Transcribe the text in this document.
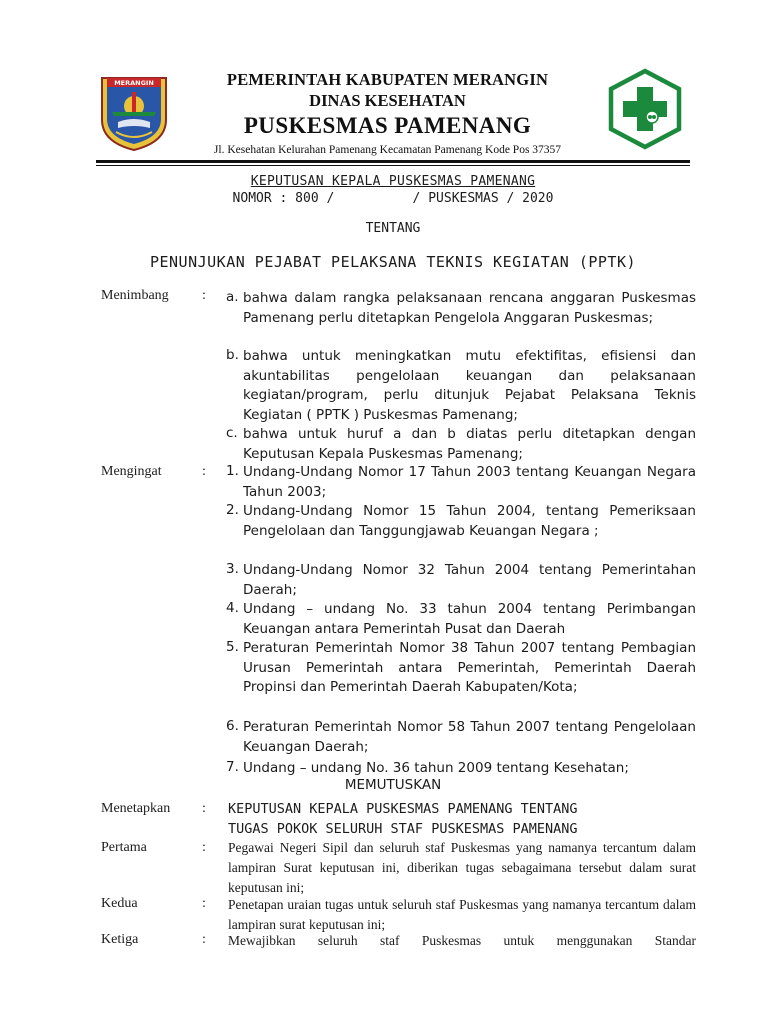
MERANGIN	PEMERINTAH KABUPATEN MERANGIN
DINAS KESEHATAN
PUSKESMAS PAMENANG
Jl. Kesehatan Kelurahan Pamenang Kecamatan Pamenang Kode Pos 37357
KEPUTUSAN KEPALA PUSKESMAS PAMENANG
NOMOR : 800 /          / PUSKESMAS / 2020
TENTANG
PENUNJUKAN PEJABAT PELAKSANA TEKNIS KEGIATAN (PPTK)
Menimbang : a. bahwa dalam rangka pelaksanaan rencana anggaran Puskesmas Pamenang perlu ditetapkan Pengelola Anggaran Puskesmas;
b. bahwa untuk meningkatkan mutu efektifitas, efisiensi dan akuntabilitas pengelolaan keuangan dan pelaksanaan kegiatan/program, perlu ditunjuk Pejabat Pelaksana Teknis Kegiatan ( PPTK ) Puskesmas Pamenang;
c. bahwa untuk huruf a dan b diatas perlu ditetapkan dengan Keputusan Kepala Puskesmas Pamenang;
Mengingat	: 1. Undang-Undang Nomor 17 Tahun 2003 tentang Keuangan Negara Tahun 2003;
2. Undang-Undang Nomor 15 Tahun 2004, tentang Pemeriksaan Pengelolaan dan Tanggungjawab Keuangan Negara ;
3. Undang-Undang Nomor 32 Tahun 2004 tentang Pemerintahan Daerah;
4. Undang – undang No. 33 tahun 2004 tentang Perimbangan Keuangan antara Pemerintah Pusat dan Daerah
5. Peraturan Pemerintah Nomor 38 Tahun 2007 tentang Pembagian Urusan Pemerintah antara Pemerintah, Pemerintah Daerah Propinsi dan Pemerintah Daerah Kabupaten/Kota;
6. Peraturan Pemerintah Nomor 58 Tahun 2007 tentang Pengelolaan Keuangan Daerah;
7. Undang – undang No. 36 tahun 2009 tentang Kesehatan;
MEMUTUSKAN
Menetapkan : KEPUTUSAN KEPALA PUSKESMAS PAMENANG TENTANG
TUGAS POKOK SELURUH STAF PUSKESMAS PAMENANG
Pertama	: Pegawai Negeri Sipil dan seluruh staf Puskesmas yang namanya tercantum dalam lampiran Surat keputusan ini, diberikan tugas sebagaimana tersebut dalam surat keputusan ini;
Kedua	: Penetapan uraian tugas untuk seluruh staf Puskesmas yang namanya tercantum dalam lampiran surat keputusan ini;
Ketiga	: Mewajibkan seluruh staf Puskesmas untuk menggunakan Standar
